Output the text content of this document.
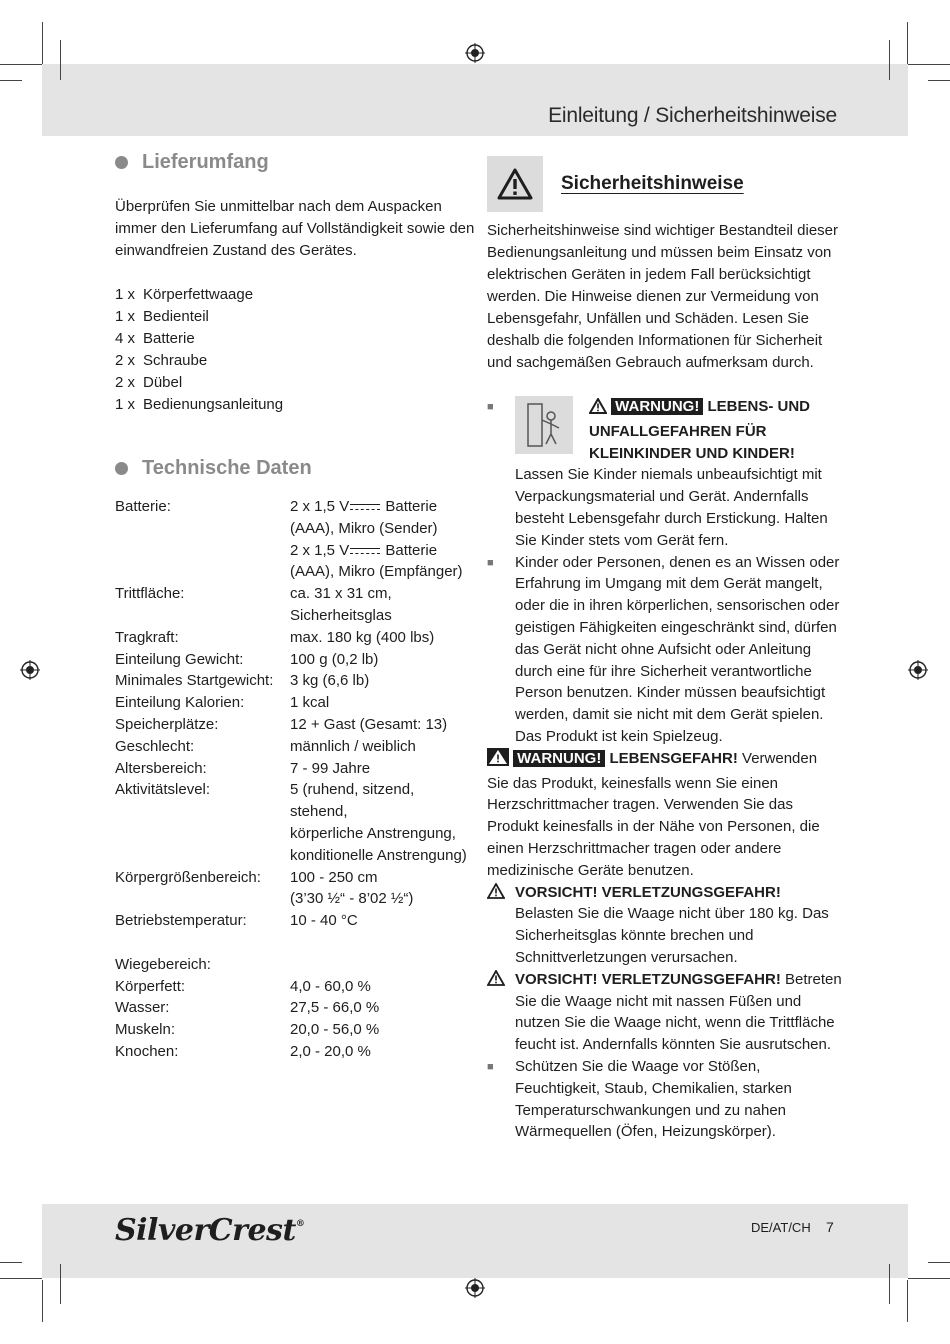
Einleitung / Sicherheitshinweise
Lieferumfang

Überprüfen Sie unmittelbar nach dem Auspacken immer den Lieferumfang auf Vollständigkeit sowie den einwandfreien Zustand des Gerätes.

1 x Körperfettwaage
1 x Bedienteil
4 x Batterie
2 x Schraube
2 x Dübel
1 x Bedienungsanleitung
Technische Daten
Batterie:	2 x 1,5 V Batterie
(AAA), Mikro (Sender)
2 x 1,5 V Batterie
(AAA), Mikro (Empfänger)
Trittfläche:	ca. 31 x 31 cm,
Sicherheitsglas
Tragkraft:	max. 180 kg (400 lbs)
Einteilung Gewicht:	100 g (0,2 lb)
Minimales Startgewicht:	3 kg (6,6 lb)
Einteilung Kalorien:	1 kcal
Speicherplätze:	12 + Gast (Gesamt: 13)
Geschlecht:	männlich / weiblich
Altersbereich:	7 - 99 Jahre
Aktivitätslevel:	5 (ruhend, sitzend, stehend,
körperliche Anstrengung,
konditionelle Anstrengung)
Körpergrößenbereich:	100 - 250 cm
(3’30 ½“ - 8’02 ½“)
Betriebstemperatur:	10 - 40 °C
Wiegebereich:
Körperfett:	4,0 - 60,0 %
Wasser:	27,5 - 66,0 %
Muskeln:	20,0 - 56,0 %
Knochen:	2,0 - 20,0 %
Sicherheitshinweise

Sicherheitshinweise sind wichtiger Bestandteil dieser Bedienungsanleitung und müssen beim Einsatz von elektrischen Geräten in jedem Fall berücksichtigt werden. Die Hinweise dienen zur Vermeidung von Lebensgefahr, Unfällen und Schäden. Lesen Sie deshalb die folgenden Informationen für Sicherheit und sachgemäßen Gebrauch aufmerksam durch.

■	WARNUNG! LEBENS- UND UNFALLGEFAHREN FÜR KLEINKINDER UND KINDER!
Lassen Sie Kinder niemals unbeaufsichtigt mit Verpackungsmaterial und Gerät. Andernfalls besteht Lebensgefahr durch Erstickung. Halten Sie Kinder stets vom Gerät fern.
■	Kinder oder Personen, denen es an Wissen oder Erfahrung im Umgang mit dem Gerät mangelt, oder die in ihren körperlichen, sensorischen oder geistigen Fähigkeiten eingeschränkt sind, dürfen das Gerät nicht ohne Aufsicht oder Anleitung durch eine für ihre Sicherheit verantwortliche Person benutzen. Kinder müssen beaufsichtigt werden, damit sie nicht mit dem Gerät spielen. Das Produkt ist kein Spielzeug.
WARNUNG! LEBENSGEFAHR! Verwenden Sie das Produkt, keinesfalls wenn Sie einen Herzschrittmacher tragen. Verwenden Sie das Produkt keinesfalls in der Nähe von Personen, die einen Herzschrittmacher tragen oder andere medizinische Geräte benutzen.
VORSICHT! VERLETZUNGSGEFAHR!
Belasten Sie die Waage nicht über 180 kg. Das Sicherheitsglas könnte brechen und Schnittverletzungen verursachen.
VORSICHT! VERLETZUNGSGEFAHR! Betreten Sie die Waage nicht mit nassen Füßen und nutzen Sie die Waage nicht, wenn die Trittfläche feucht ist. Andernfalls könnten Sie ausrutschen.
■	Schützen Sie die Waage vor Stößen, Feuchtigkeit, Staub, Chemikalien, starken Temperaturschwankungen und zu nahen Wärmequellen (Öfen, Heizungskörper).
SilverCrest®	DE/AT/CH 7
